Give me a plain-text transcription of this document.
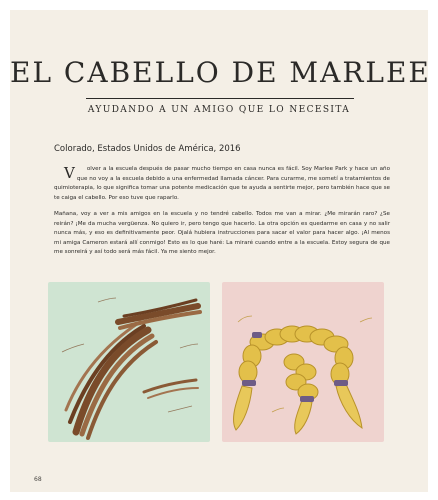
EL CABELLO DE MARLEE
AYUDANDO A UN AMIGO QUE LO NECESITA
Colorado, Estados Unidos de América, 2016
V olver a la escuela después de pasar mucho tiempo en casa nunca es fácil. Soy Marlee Park y hace un año que no voy a la escuela debido a una enfermedad llamada cáncer. Para curarme, me sometí a tratamientos de quimioterapia, lo que significa tomar una potente medicación que te ayuda a sentirte mejor, pero también hace que se te caiga el cabello. Por eso tuve que raparlo.
Mañana, voy a ver a mis amigos en la escuela y no tendré cabello. Todos me van a mirar. ¿Me mirarán raro? ¿Se reirán? ¡Me da mucha vergüenza. No quiero ir, pero tengo que hacerlo. La otra opción es quedarme en casa y no salir nunca más, y eso es definitivamente peor. Ojalá hubiera instrucciones para sacar el valor para hacer algo. ¡Al menos mi amiga Cameron estará allí conmigo! Esto es lo que haré: La miraré cuando entre a la escuela. Estoy segura de que me sonreirá y así todo será más fácil. Ya me siento mejor.
68
